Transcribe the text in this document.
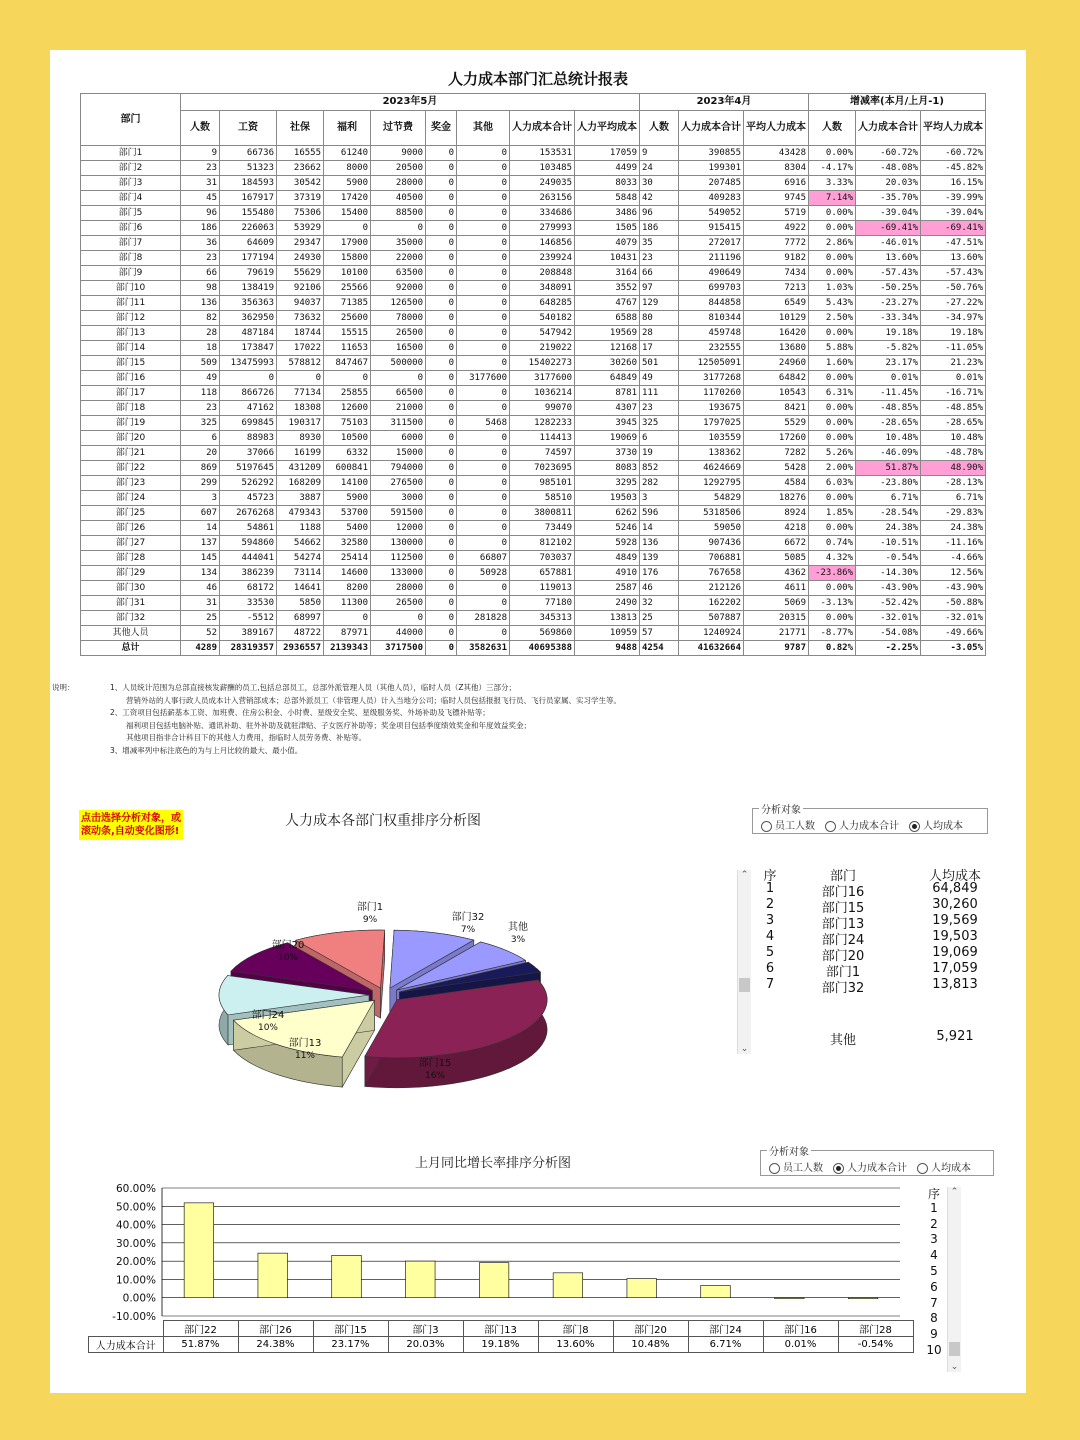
人力成本部门汇总统计报表
部门	2023年5月									2023年4月			增减率(本月/上月-1)		
	人数	工资	社保	福利	过节费	奖金	其他	人力成本合计	人力平均成本	人数	人力成本合计	平均人力成本	人数	人力成本合计	平均人力成本
部门1	9	66736	16555	61240	9000	0	0	153531	17059	9	390855	43428	0.00%	-60.72%	-60.72%
部门2	23	51323	23662	8000	20500	0	0	103485	4499	24	199301	8304	-4.17%	-48.08%	-45.82%
部门3	31	184593	30542	5900	28000	0	0	249035	8033	30	207485	6916	3.33%	20.03%	16.15%
部门4	45	167917	37319	17420	40500	0	0	263156	5848	42	409283	9745	7.14%	-35.70%	-39.99%
部门5	96	155480	75306	15400	88500	0	0	334686	3486	96	549052	5719	0.00%	-39.04%	-39.04%
部门6	186	226063	53929	0	0	0	0	279993	1505	186	915415	4922	0.00%	-69.41%	-69.41%
部门7	36	64609	29347	17900	35000	0	0	146856	4079	35	272017	7772	2.86%	-46.01%	-47.51%
部门8	23	177194	24930	15800	22000	0	0	239924	10431	23	211196	9182	0.00%	13.60%	13.60%
部门9	66	79619	55629	10100	63500	0	0	208848	3164	66	490649	7434	0.00%	-57.43%	-57.43%
部门10	98	138419	92106	25566	92000	0	0	348091	3552	97	699703	7213	1.03%	-50.25%	-50.76%
部门11	136	356363	94037	71385	126500	0	0	648285	4767	129	844858	6549	5.43%	-23.27%	-27.22%
部门12	82	362950	73632	25600	78000	0	0	540182	6588	80	810344	10129	2.50%	-33.34%	-34.97%
部门13	28	487184	18744	15515	26500	0	0	547942	19569	28	459748	16420	0.00%	19.18%	19.18%
部门14	18	173847	17022	11653	16500	0	0	219022	12168	17	232555	13680	5.88%	-5.82%	-11.05%
部门15	509	13475993	578812	847467	500000	0	0	15402273	30260	501	12505091	24960	1.60%	23.17%	21.23%
部门16	49	0	0	0	0	0	3177600	3177600	64849	49	3177268	64842	0.00%	0.01%	0.01%
部门17	118	866726	77134	25855	66500	0	0	1036214	8781	111	1170260	10543	6.31%	-11.45%	-16.71%
部门18	23	47162	18308	12600	21000	0	0	99070	4307	23	193675	8421	0.00%	-48.85%	-48.85%
部门19	325	699845	190317	75103	311500	0	5468	1282233	3945	325	1797025	5529	0.00%	-28.65%	-28.65%
部门20	6	88983	8930	10500	6000	0	0	114413	19069	6	103559	17260	0.00%	10.48%	10.48%
部门21	20	37066	16199	6332	15000	0	0	74597	3730	19	138362	7282	5.26%	-46.09%	-48.78%
部门22	869	5197645	431209	600841	794000	0	0	7023695	8083	852	4624669	5428	2.00%	51.87%	48.90%
部门23	299	526292	168209	14100	276500	0	0	985101	3295	282	1292795	4584	6.03%	-23.80%	-28.13%
部门24	3	45723	3887	5900	3000	0	0	58510	19503	3	54829	18276	0.00%	6.71%	6.71%
部门25	607	2676268	479343	53700	591500	0	0	3800811	6262	596	5318506	8924	1.85%	-28.54%	-29.83%
部门26	14	54861	1188	5400	12000	0	0	73449	5246	14	59050	4218	0.00%	24.38%	24.38%
部门27	137	594860	54662	32580	130000	0	0	812102	5928	136	907436	6672	0.74%	-10.51%	-11.16%
部门28	145	444041	54274	25414	112500	0	66807	703037	4849	139	706881	5085	4.32%	-0.54%	-4.66%
部门29	134	386239	73114	14600	133000	0	50928	657881	4910	176	767658	4362	-23.86%	-14.30%	12.56%
部门30	46	68172	14641	8200	28000	0	0	119013	2587	46	212126	4611	0.00%	-43.90%	-43.90%
部门31	31	33530	5850	11300	26500	0	0	77180	2490	32	162202	5069	-3.13%	-52.42%	-50.88%
部门32	25	-5512	68997	0	0	0	281828	345313	13813	25	507887	20315	0.00%	-32.01%	-32.01%
其他人员	52	389167	48722	87971	44000	0	0	569860	10959	57	1240924	21771	-8.77%	-54.08%	-49.66%
总计	4289	28319357	2936557	2139343	3717500	0	3582631	40695388	9488	4254	41632664	9787	0.82%	-2.25%	-3.05%
说明：	1、人员统计范围为总部直接核发薪酬的员工,包括总部员工，总部外派管理人员（其他人员），临时人员（Z其他）三部分；
营销外站的人事行政人员成本计入营销部成本；总部外派员工（非管理人员）计入当地分公司；临时人员包括报报飞行员、飞行员家属、实习学生等。
2、工资项目包括薪基本工资、加班费、住房公积金、小时费、星级安全奖、星级服务奖、外场补助及飞镖补贴等；
福利项目包括电脑补贴、通讯补助、驻外补助及就驻津贴、子女医疗补助等；奖金项目包括季度绩效奖金和年度效益奖金；
其他项目指非合计科目下的其他人力费用，指临时人员劳务费、补贴等。
3、增减率列中标注底色的为与上月比较的最大、最小值。
点击选择分析对象，或滚动条,自动变化图形!
人力成本各部门权重排序分析图
分析对象
员工人数 人力成本合计 人均成本
部门16
34%
部门15
16%
部门13
11%
部门24
10%
部门20
10%
部门1
9%	部门32
7%	其他
3%
⌃
⌄
序	部门	人均成本
1	部门16	64,849
2	部门15	30,260
3	部门13	19,569
4	部门24	19,503
5	部门20	19,069
6	部门1	17,059
7	部门32	13,813
其他	5,921
上月同比增长率排序分析图
分析对象
员工人数 人力成本合计 人均成本
60.00%
50.00%
40.00%
30.00%
20.00%
10.00%
0.00%
-10.00%
	部门22	部门26	部门15	部门3	部门13	部门8	部门20	部门24	部门16	部门28
人力成本合计	51.87%	24.38%	23.17%	20.03%	19.18%	13.60%	10.48%	6.71%	0.01%	-0.54%
序
1
2
3
4
5
6
7
8
9
10
⌃
⌄
